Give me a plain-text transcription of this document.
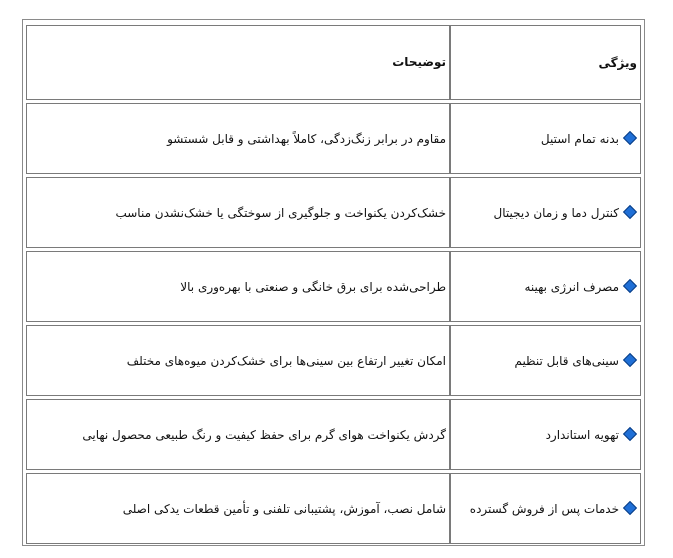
ویژگی	توضیحات
بدنه تمام استیل	مقاوم در برابر زنگ‌زدگی، کاملاً بهداشتی و قابل شستشو
کنترل دما و زمان دیجیتال	خشک‌کردن یکنواخت و جلوگیری از سوختگی یا خشک‌نشدن مناسب
مصرف انرژی بهینه	طراحی‌شده برای برق خانگی و صنعتی با بهره‌وری بالا
سینی‌های قابل تنظیم	امکان تغییر ارتفاع بین سینی‌ها برای خشک‌کردن میوه‌های مختلف
تهویه استاندارد	گردش یکنواخت هوای گرم برای حفظ کیفیت و رنگ طبیعی محصول نهایی
خدمات پس از فروش گسترده	شامل نصب، آموزش، پشتیبانی تلفنی و تأمین قطعات یدکی اصلی
